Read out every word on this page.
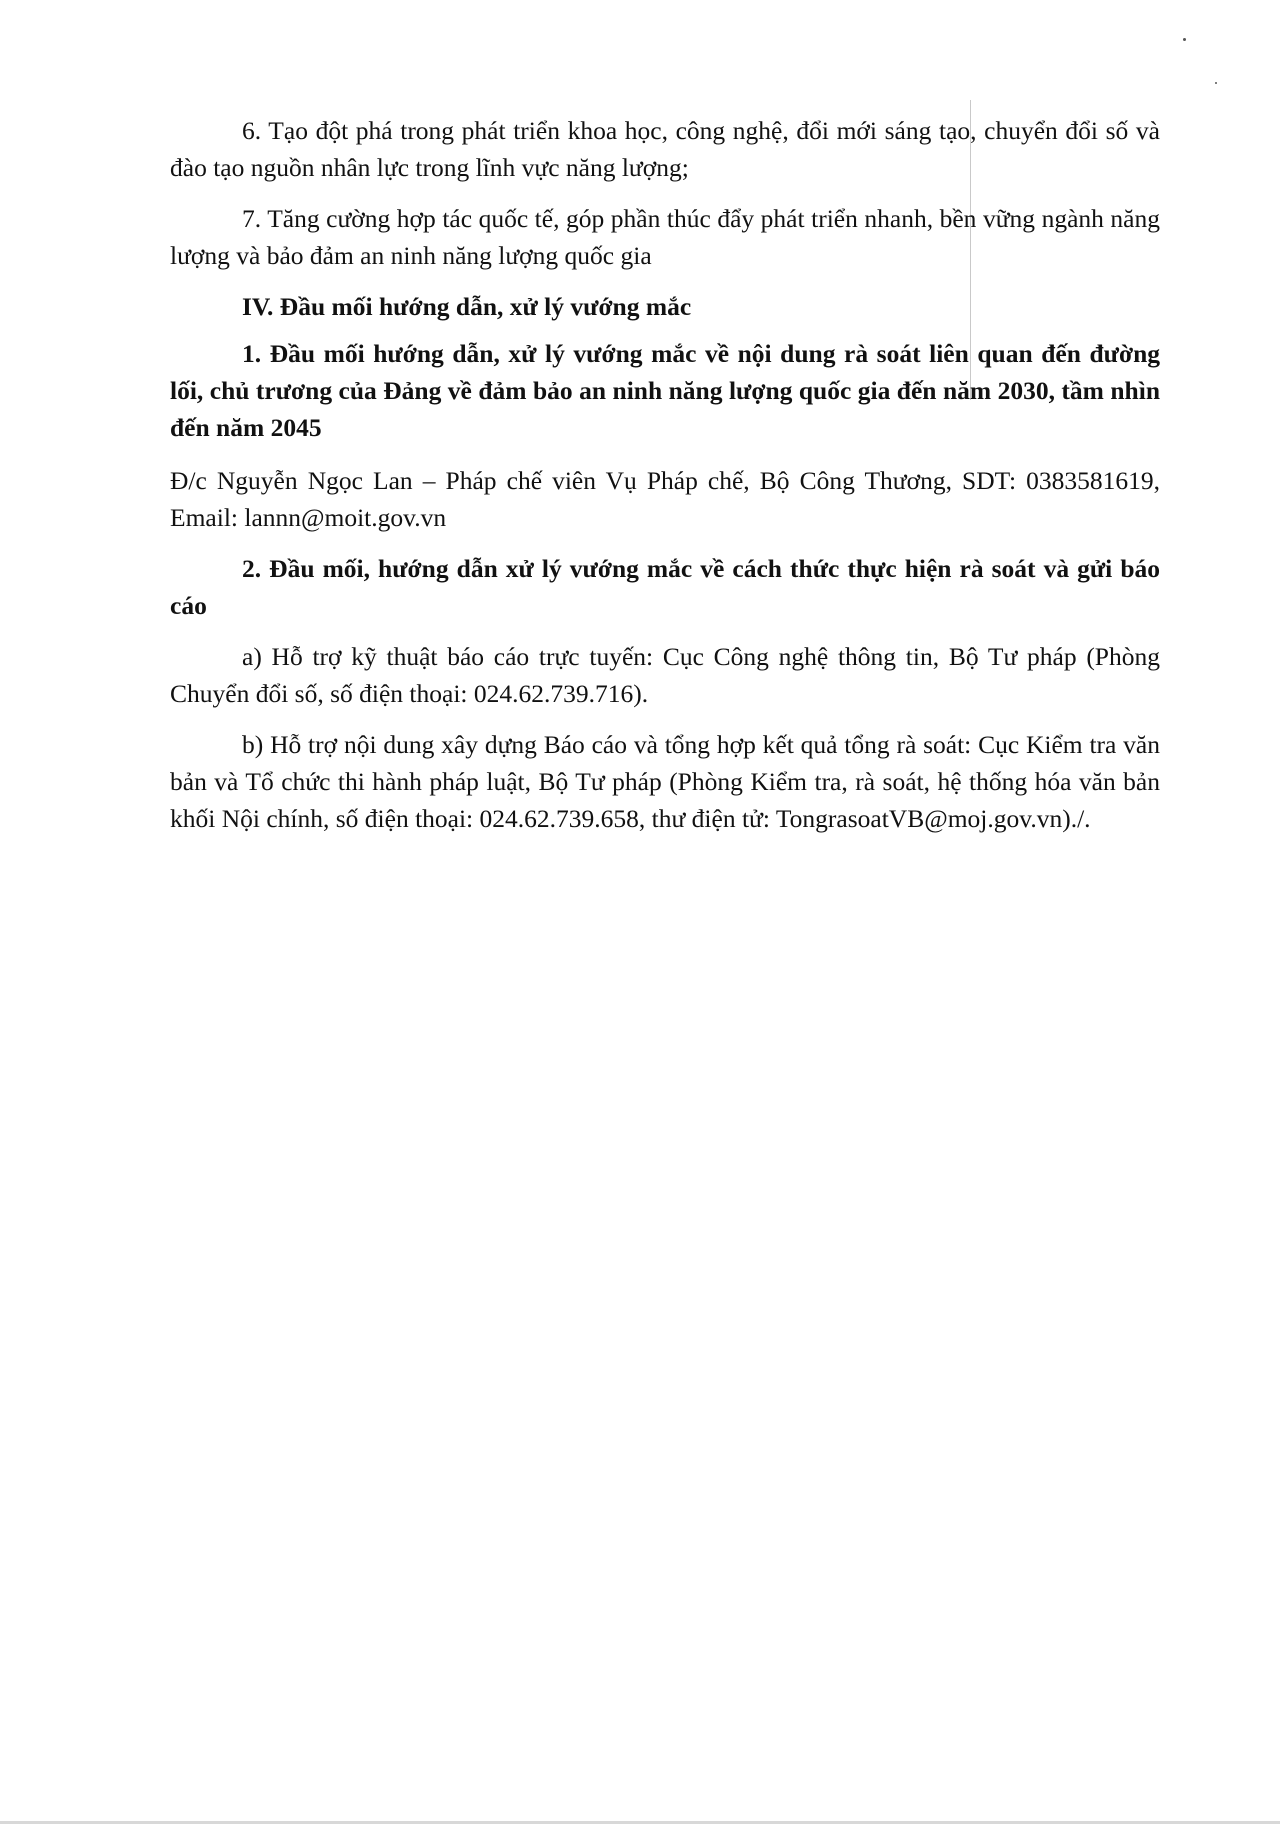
6. Tạo đột phá trong phát triển khoa học, công nghệ, đổi mới sáng tạo, chuyển đổi số và đào tạo nguồn nhân lực trong lĩnh vực năng lượng;

7. Tăng cường hợp tác quốc tế, góp phần thúc đẩy phát triển nhanh, bền vững ngành năng lượng và bảo đảm an ninh năng lượng quốc gia

IV. Đầu mối hướng dẫn, xử lý vướng mắc

1. Đầu mối hướng dẫn, xử lý vướng mắc về nội dung rà soát liên quan đến đường lối, chủ trương của Đảng về đảm bảo an ninh năng lượng quốc gia đến năm 2030, tầm nhìn đến năm 2045

Đ/c Nguyễn Ngọc Lan – Pháp chế viên Vụ Pháp chế, Bộ Công Thương, SDT: 0383581619, Email: lannn@moit.gov.vn

2. Đầu mối, hướng dẫn xử lý vướng mắc về cách thức thực hiện rà soát và gửi báo cáo

a) Hỗ trợ kỹ thuật báo cáo trực tuyến: Cục Công nghệ thông tin, Bộ Tư pháp (Phòng Chuyển đổi số, số điện thoại: 024.62.739.716).

b) Hỗ trợ nội dung xây dựng Báo cáo và tổng hợp kết quả tổng rà soát: Cục Kiểm tra văn bản và Tổ chức thi hành pháp luật, Bộ Tư pháp (Phòng Kiểm tra, rà soát, hệ thống hóa văn bản khối Nội chính, số điện thoại: 024.62.739.658, thư điện tử: TongrasoatVB@moj.gov.vn)./.
